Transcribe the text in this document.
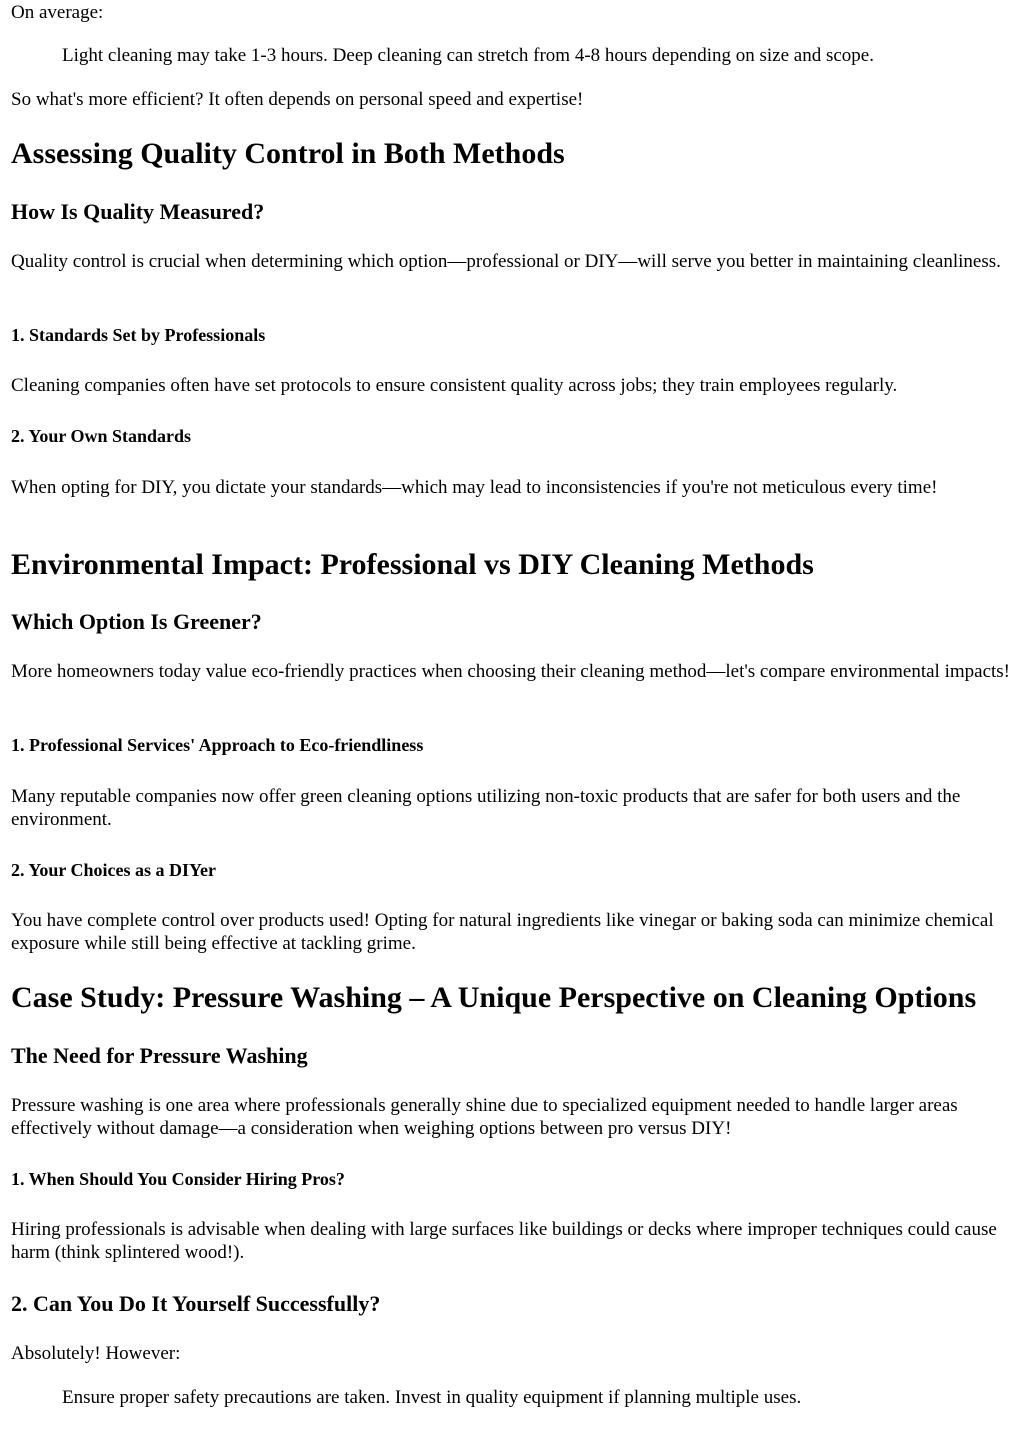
On average:

Light cleaning may take 1-3 hours. Deep cleaning can stretch from 4-8 hours depending on size and scope.

So what's more efficient? It often depends on personal speed and expertise!

Assessing Quality Control in Both Methods
How Is Quality Measured?

Quality control is crucial when determining which option—professional or DIY—will serve you better in maintaining cleanliness.

1. Standards Set by Professionals

Cleaning companies often have set protocols to ensure consistent quality across jobs; they train employees regularly.

2. Your Own Standards

When opting for DIY, you dictate your standards—which may lead to inconsistencies if you're not meticulous every time!

Environmental Impact: Professional vs DIY Cleaning Methods
Which Option Is Greener?

More homeowners today value eco-friendly practices when choosing their cleaning method—let's compare environmental impacts!

1. Professional Services' Approach to Eco-friendliness

Many reputable companies now offer green cleaning options utilizing non-toxic products that are safer for both users and the environment.

2. Your Choices as a DIYer

You have complete control over products used! Opting for natural ingredients like vinegar or baking soda can minimize chemical exposure while still being effective at tackling grime.

Case Study: Pressure Washing – A Unique Perspective on Cleaning Options
The Need for Pressure Washing

Pressure washing is one area where professionals generally shine due to specialized equipment needed to handle larger areas effectively without damage—a consideration when weighing options between pro versus DIY!

1. When Should You Consider Hiring Pros?

Hiring professionals is advisable when dealing with large surfaces like buildings or decks where improper techniques could cause harm (think splintered wood!).

2. Can You Do It Yourself Successfully?

Absolutely! However:

Ensure proper safety precautions are taken. Invest in quality equipment if planning multiple uses.
